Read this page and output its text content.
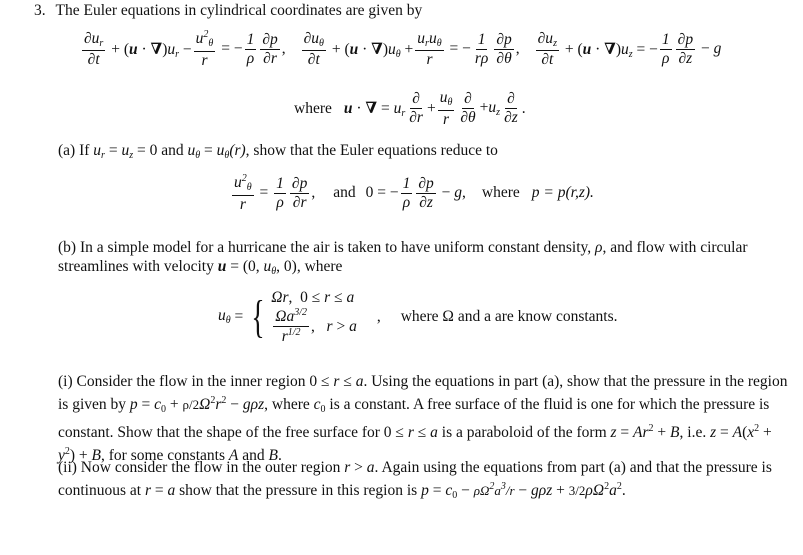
3. The Euler equations in cylindrical coordinates are given by
$\frac{\partial u_r}{\partial t} + (u \cdot \nabla)u_r - \frac{u^2_\theta}{r}$ = − $\frac{1}{\rho} \frac{\partial p}{\partial r}$ , $\frac{\partial u_\theta}{\partial t} + (u \cdot \nabla)u_\theta + \frac{u_ru_\theta}{r}$ = − $\frac{1}{r\rho} \frac{\partial p}{\partial\theta}$ , $\frac{\partial u_z}{\partial t} + (u \cdot \nabla)u_z$ = − $\frac{1}{\rho} \frac{\partial p}{\partial z} - g$
where u · ∇ = $u_r \frac{\partial}{\partial r} + \frac{u_\theta}{r} \frac{\partial}{\partial\theta} +u_z \frac{\partial}{\partial z}$ .
(a) If $u_r = u_z = 0$ and $u_\theta = u_\theta(r)$, show that the Euler equations reduce to
$\frac{u^2_\theta}{r} = \frac{1}{\rho} \frac{\partial p}{\partial r}$ , and 0 = − $\frac{1}{\rho} \frac{\partial p}{\partial z} - g$, where p = p(r,z).
(b) In a simple model for a hurricane the air is taken to have uniform constant density, ρ, and flow with circular streamlines with velocity u = (0, $u_\theta$, 0), where
$u_\theta$ = { Ωr,  0 ≤ r ≤ a
$\frac{\Omega a^{3/2}}{r^{1/2}}$ ,   r > a
, where Ω and a are know constants.
(i) Consider the flow in the inner region 0 ≤ r ≤ a. Using the equations in part (a), show that the pressure in the region is given by $p = c_0 + \rho/2\Omega^2r^2 - g\rho z$, where $c_0$ is a constant. A free surface of the fluid is one for which the pressure is constant. Show that the shape of the free surface for 0 ≤ r ≤ a is a paraboloid of the form $z = Ar^2 + B$, i.e. $z = A(x^2 + y^2) + B$, for some constants A and B.
(ii) Now consider the flow in the outer region r > a. Again using the equations from part (a) and that the pressure is continuous at r = a show that the pressure in this region is $p = c_0 - \rho\Omega^2a^3/r - g\rho z + 3/2\rho\Omega^2a^2$.
